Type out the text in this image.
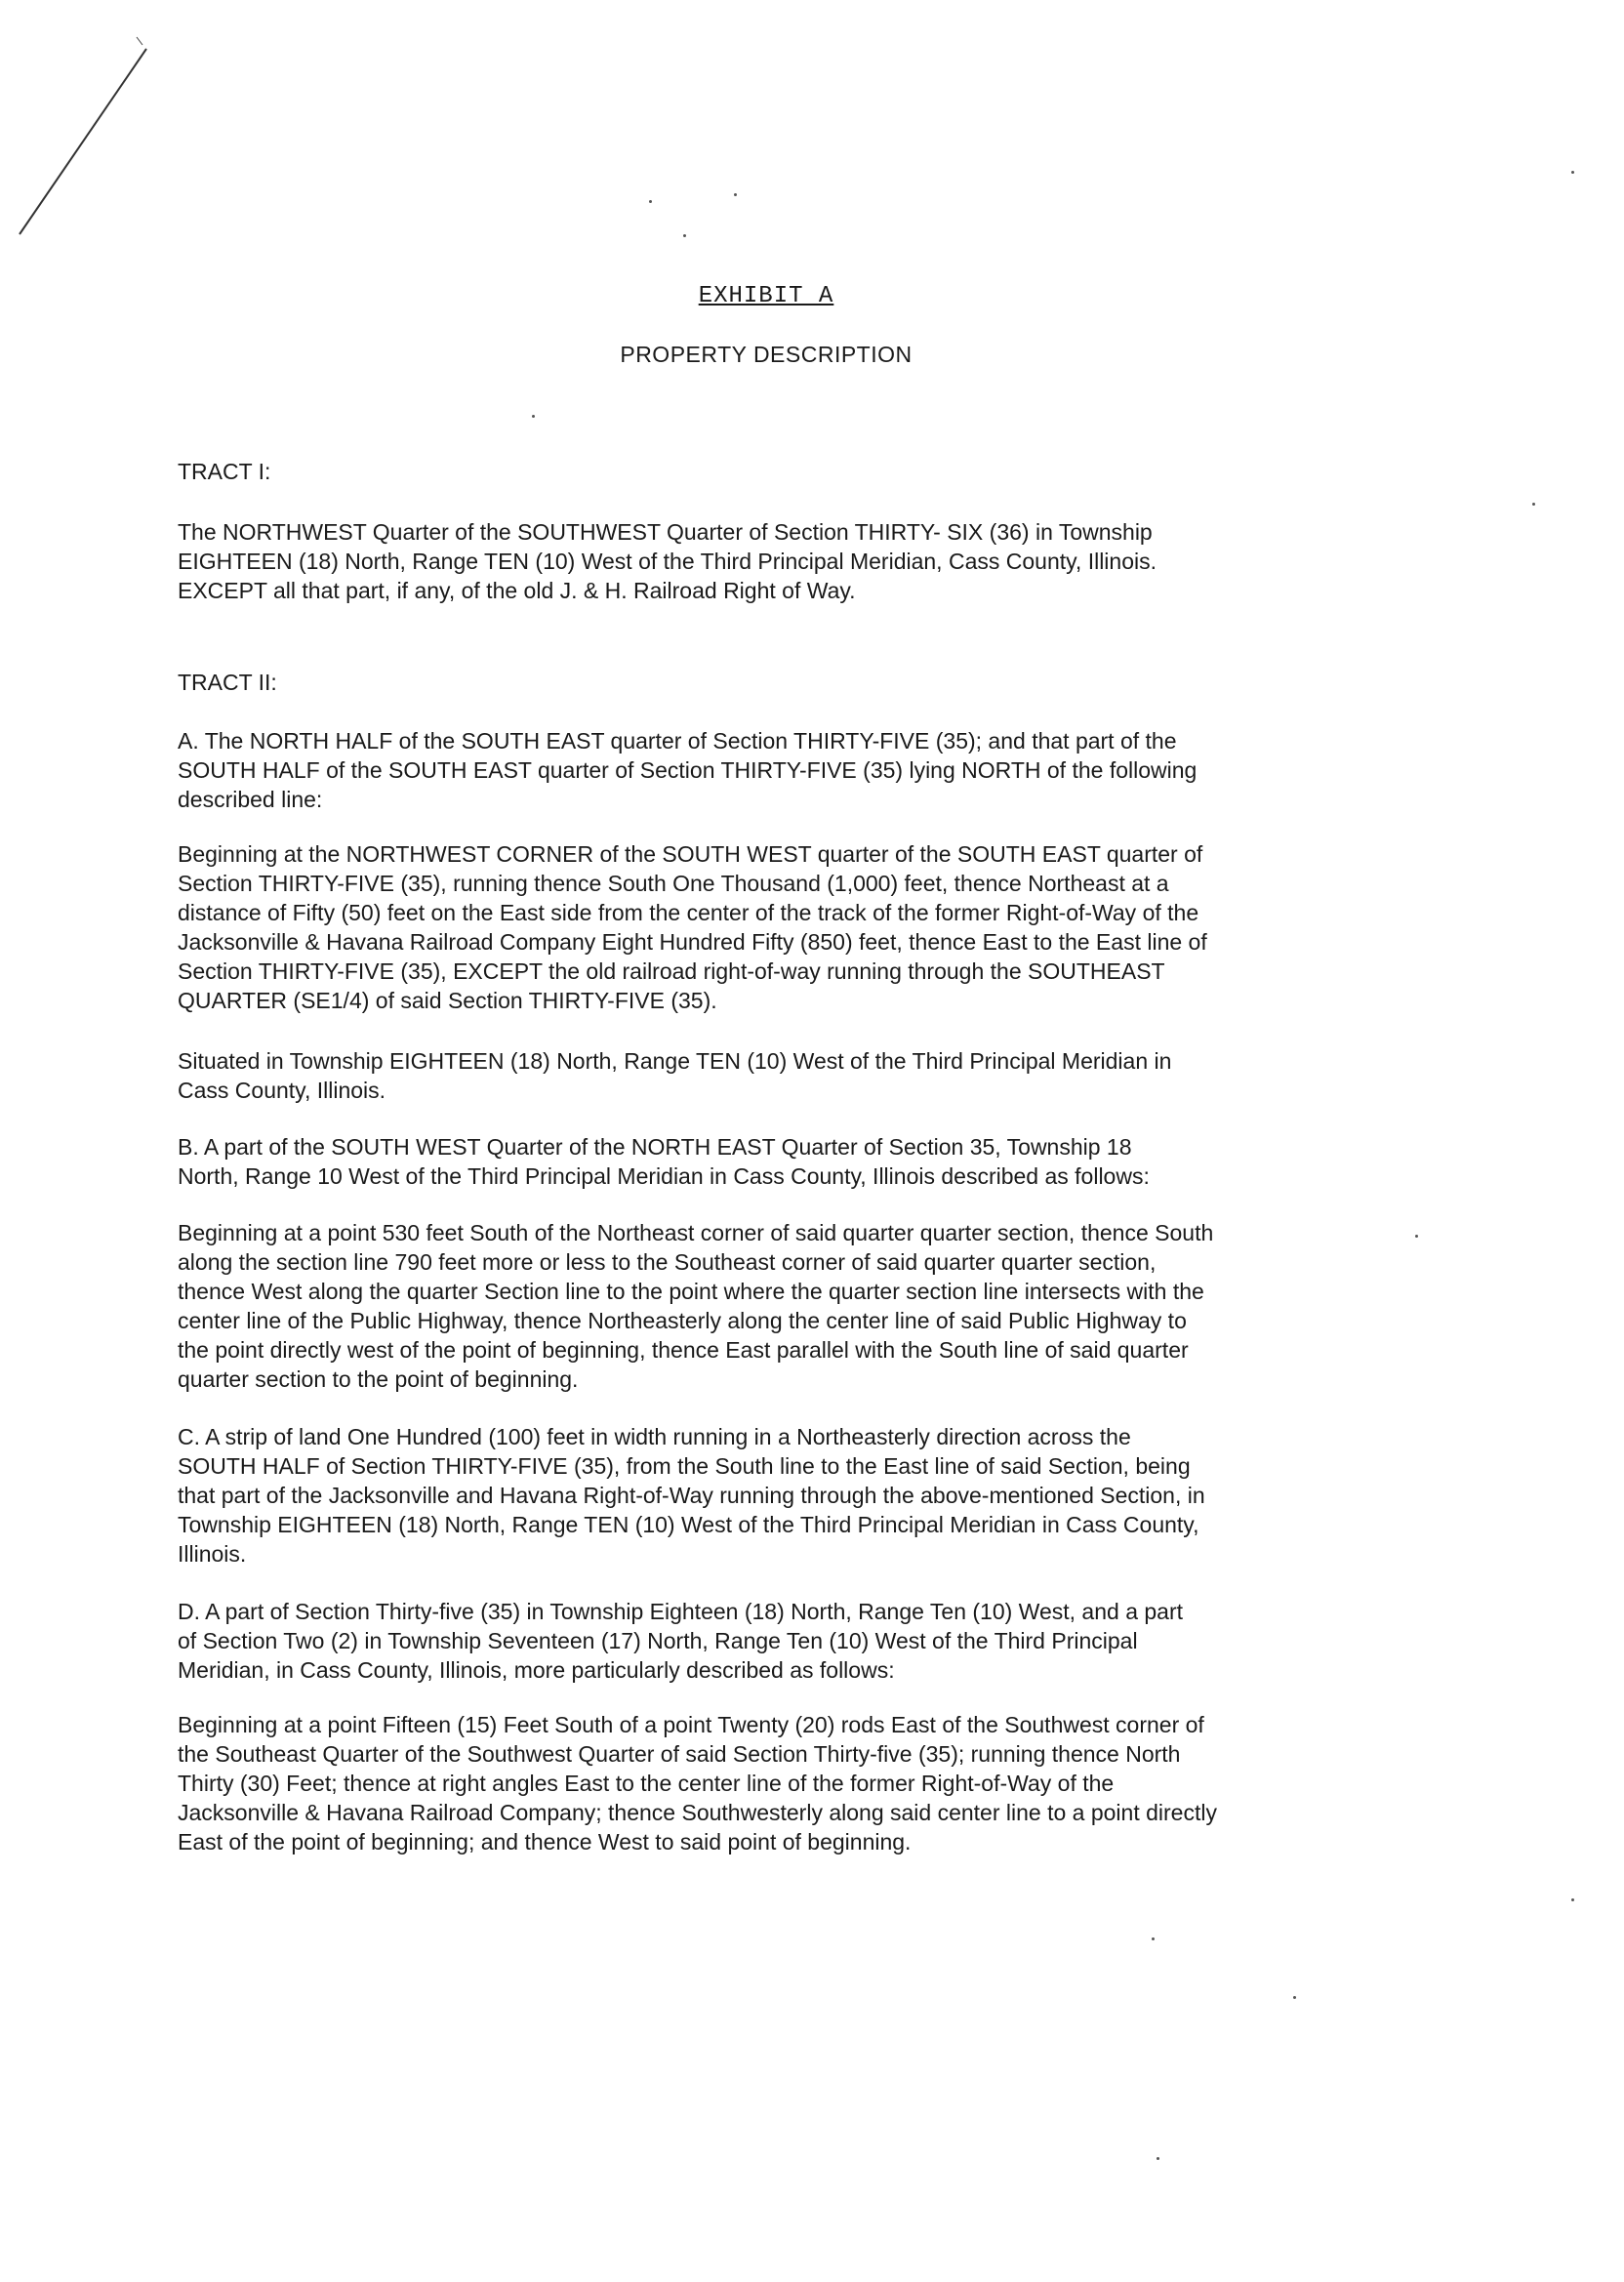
EXHIBIT A
PROPERTY DESCRIPTION
TRACT I:
The NORTHWEST Quarter of the SOUTHWEST Quarter of Section THIRTY- SIX (36) in Township
EIGHTEEN (18) North, Range TEN (10) West of the Third Principal Meridian, Cass County, Illinois.
EXCEPT all that part, if any, of the old J. & H. Railroad Right of Way.
TRACT II:
A. The NORTH HALF of the SOUTH EAST quarter of Section THIRTY-FIVE (35); and that part of the
SOUTH HALF of the SOUTH EAST quarter of Section THIRTY-FIVE (35) lying NORTH of the following
described line:
Beginning at the NORTHWEST CORNER of the SOUTH WEST quarter of the SOUTH EAST quarter of
Section THIRTY-FIVE (35), running thence South One Thousand (1,000) feet, thence Northeast at a
distance of Fifty (50) feet on the East side from the center of the track of the former Right-of-Way of the
Jacksonville & Havana Railroad Company Eight Hundred Fifty (850) feet, thence East to the East line of
Section THIRTY-FIVE (35), EXCEPT the old railroad right-of-way running through the SOUTHEAST
QUARTER (SE1/4) of said Section THIRTY-FIVE (35).
Situated in Township EIGHTEEN (18) North, Range TEN (10) West of the Third Principal Meridian in
Cass County, Illinois.
B. A part of the SOUTH WEST Quarter of the NORTH EAST Quarter of Section 35, Township 18
North, Range 10 West of the Third Principal Meridian in Cass County, Illinois described as follows:
Beginning at a point 530 feet South of the Northeast corner of said quarter quarter section, thence South
along the section line 790 feet more or less to the Southeast corner of said quarter quarter section,
thence West along the quarter Section line to the point where the quarter section line intersects with the
center line of the Public Highway, thence Northeasterly along the center line of said Public Highway to
the point directly west of the point of beginning, thence East parallel with the South line of said quarter
quarter section to the point of beginning.
C. A strip of land One Hundred (100) feet in width running in a Northeasterly direction across the
SOUTH HALF of Section THIRTY-FIVE (35), from the South line to the East line of said Section, being
that part of the Jacksonville and Havana Right-of-Way running through the above-mentioned Section, in
Township EIGHTEEN (18) North, Range TEN (10) West of the Third Principal Meridian in Cass County,
Illinois.
D. A part of Section Thirty-five (35) in Township Eighteen (18) North, Range Ten (10) West, and a part
of Section Two (2) in Township Seventeen (17) North, Range Ten (10) West of the Third Principal
Meridian, in Cass County, Illinois, more particularly described as follows:
Beginning at a point Fifteen (15) Feet South of a point Twenty (20) rods East of the Southwest corner of
the Southeast Quarter of the Southwest Quarter of said Section Thirty-five (35); running thence North
Thirty (30) Feet; thence at right angles East to the center line of the former Right-of-Way of the
Jacksonville & Havana Railroad Company; thence Southwesterly along said center line to a point directly
East of the point of beginning; and thence West to said point of beginning.
